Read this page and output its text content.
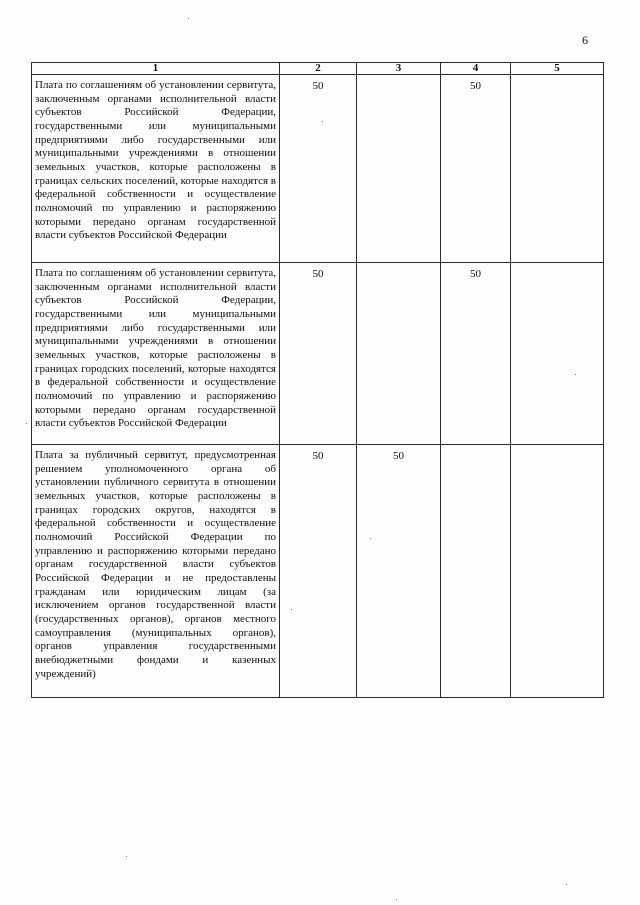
6
1	2	3	4	5

Плата по соглашениям об установлении сервитута, заключенным органами исполнительной власти субъектов Российской Федерации, государственными или муниципальными предприятиями либо государственными или муниципальными учреждениями в отношении земельных участков, которые расположены в границах сельских поселений, которые находятся в федеральной собственности и осуществление полномочий по управлению и распоряжению которыми передано органам государственной власти субъектов Российской Федерации	50		50	

Плата по соглашениям об установлении сервитута, заключенным органами исполнительной власти субъектов Российской Федерации, государственными или муниципальными предприятиями либо государственными или муниципальными учреждениями в отношении земельных участков, которые расположены в границах городских поселений, которые находятся в федеральной собственности и осуществление полномочий по управлению и распоряжению которыми передано органам государственной власти субъектов Российской Федерации	50		50	

Плата за публичный сервитут, предусмотренная решением уполномоченного органа об установлении публичного сервитута в отношении земельных участков, которые расположены в границах городских округов, находятся в федеральной собственности и осуществление полномочий Российской Федерации по управлению и распоряжению которыми передано органам государственной власти субъектов Российской Федерации и не предоставлены гражданам или юридическим лицам (за исключением органов государственной власти (государственных органов), органов местного самоуправления (муниципальных органов), органов управления государственными внебюджетными фондами и казенных учреждений)	50	50		
